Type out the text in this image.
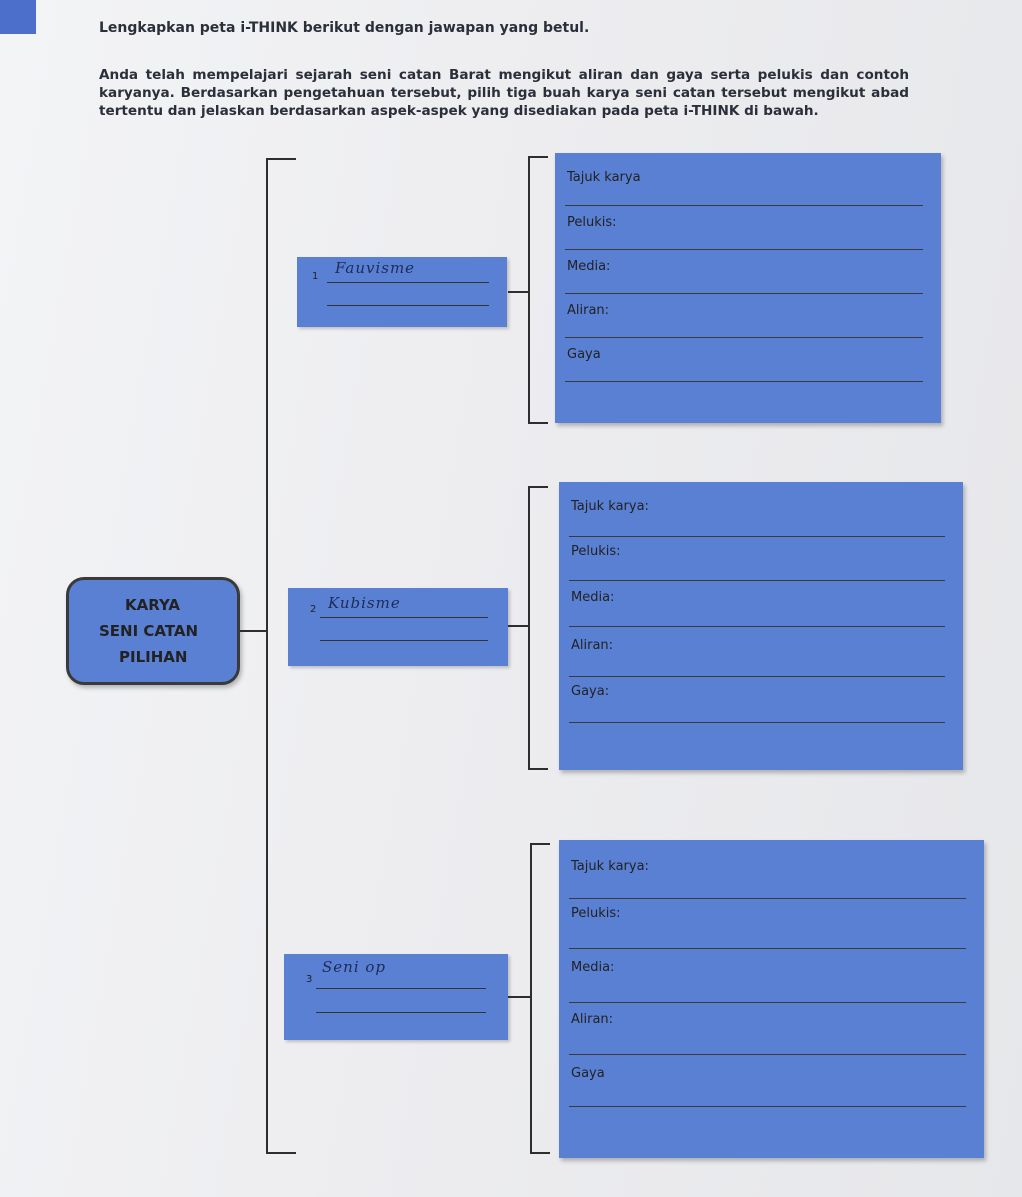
Lengkapkan peta i-THINK berikut dengan jawapan yang betul.

Anda telah mempelajari sejarah seni catan Barat mengikut aliran dan gaya serta pelukis dan contoh karyanya. Berdasarkan pengetahuan tersebut, pilih tiga buah karya seni catan tersebut mengikut abad tertentu dan jelaskan berdasarkan aspek-aspek yang disediakan pada peta i-THINK di bawah.

KARYA
SENI CATAN
PILIHAN
1 Fauvisme
2 Kubisme
3
Seni op
Tajuk karya
Pelukis:
Media:
Aliran:
Gaya
Tajuk karya:
Pelukis:
Media:
Aliran:
Gaya:
Tajuk karya:
Pelukis:
Media:
Aliran:
Gaya
